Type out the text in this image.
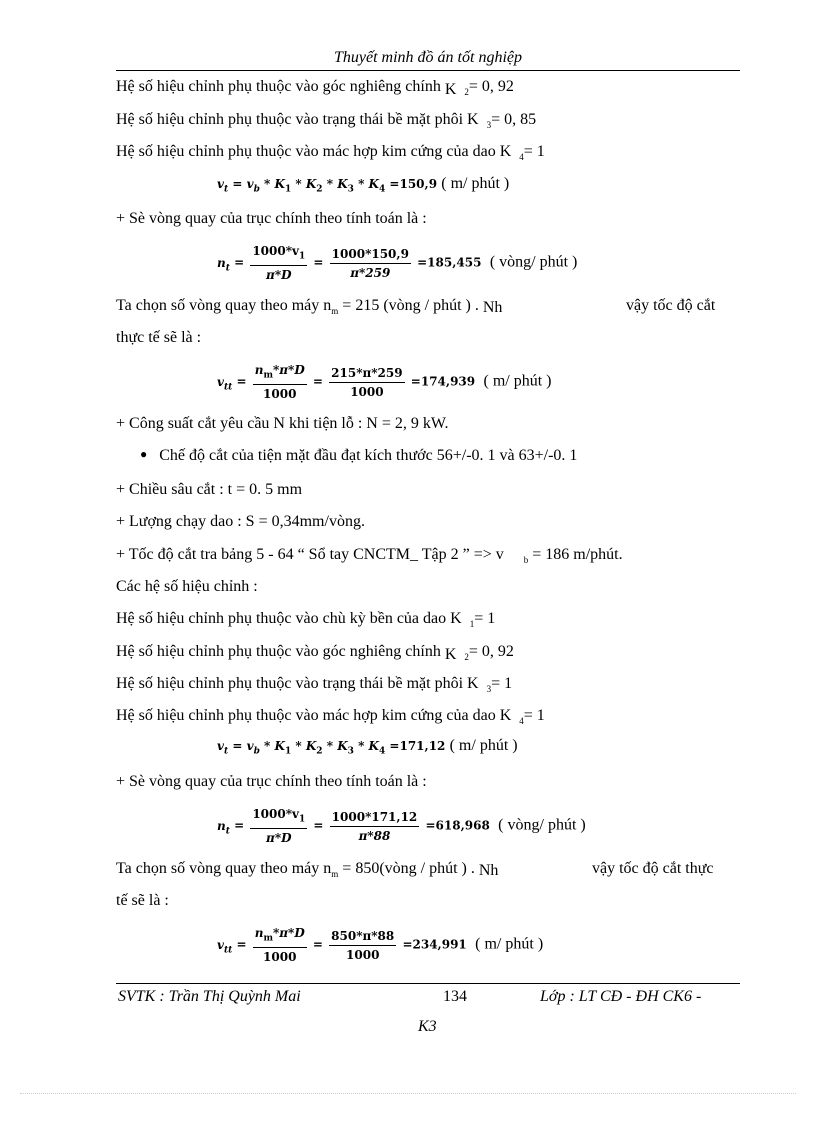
Thuyết minh đồ án tốt nghiệp
Hệ số hiệu chỉnh phụ thuộc vào góc nghiêng chính K $_2$= 0, 92
Hệ số hiệu chỉnh phụ thuộc vào trạng thái bề mặt phôi K $_3$= 0, 85
Hệ số hiệu chỉnh phụ thuộc vào mác hợp kim cứng của dao K $_4$= 1
$v_t = v_b * K_1 * K_2 * K_3 * K_4 =150,9$ ( m/ phút )
+ Sè vòng quay của trục chính theo tính toán là :
$n_t = \frac{1000*v_1}{\pi*D} = \frac{1000*150,9}{\pi*259} =185,455$ ( vòng/ phút )
Ta chọn số vòng quay theo máy $n_m = 215$ (vòng / phút ) . Nh	vậy tốc độ cắt
thực tế sẽ là :
$v_{tt} = \frac{n_m*\pi*D}{1000} = \frac{215*\pi*259}{1000} =174,939$ ( m/ phút )
+ Công suất cắt yêu cầu N khi tiện lỗ : N = 2, 9 kW.
● Chế độ cắt của tiện mặt đầu đạt kích thước 56+/-0. 1 và 63+/-0. 1
+ Chiều sâu cắt : t = 0. 5 mm
+ Lượng chạy dao : S = 0,34mm/vòng.
+ Tốc độ cắt tra bảng 5 - 64 “ Sổ tay CNCTM_ Tập 2 ” => v $_b$ = 186 m/phút.
Các hệ số hiệu chỉnh :
Hệ số hiệu chỉnh phụ thuộc vào chù kỳ bền của dao K $_1$= 1
Hệ số hiệu chỉnh phụ thuộc vào góc nghiêng chính K $_2$= 0, 92
Hệ số hiệu chỉnh phụ thuộc vào trạng thái bề mặt phôi K $_3$= 1
Hệ số hiệu chỉnh phụ thuộc vào mác hợp kim cứng của dao K $_4$= 1
$v_t = v_b * K_1 * K_2 * K_3 * K_4 =171,12$ ( m/ phút )
+ Sè vòng quay của trục chính theo tính toán là :
$n_t = \frac{1000*v_1}{\pi*D} = \frac{1000*171,12}{\pi*88} =618,968$ ( vòng/ phút )
Ta chọn số vòng quay theo máy $n_m$ = 850(vòng / phút ) . Nh	vậy tốc độ cắt thực
tế sẽ là :
$v_{tt} = \frac{n_m*\pi*D}{1000} = \frac{850*\pi*88}{1000} =234,991$ ( m/ phút )
SVTK : Trần Thị Quỳnh Mai	134	Lớp : LT CĐ - ĐH CK6 -
K3
